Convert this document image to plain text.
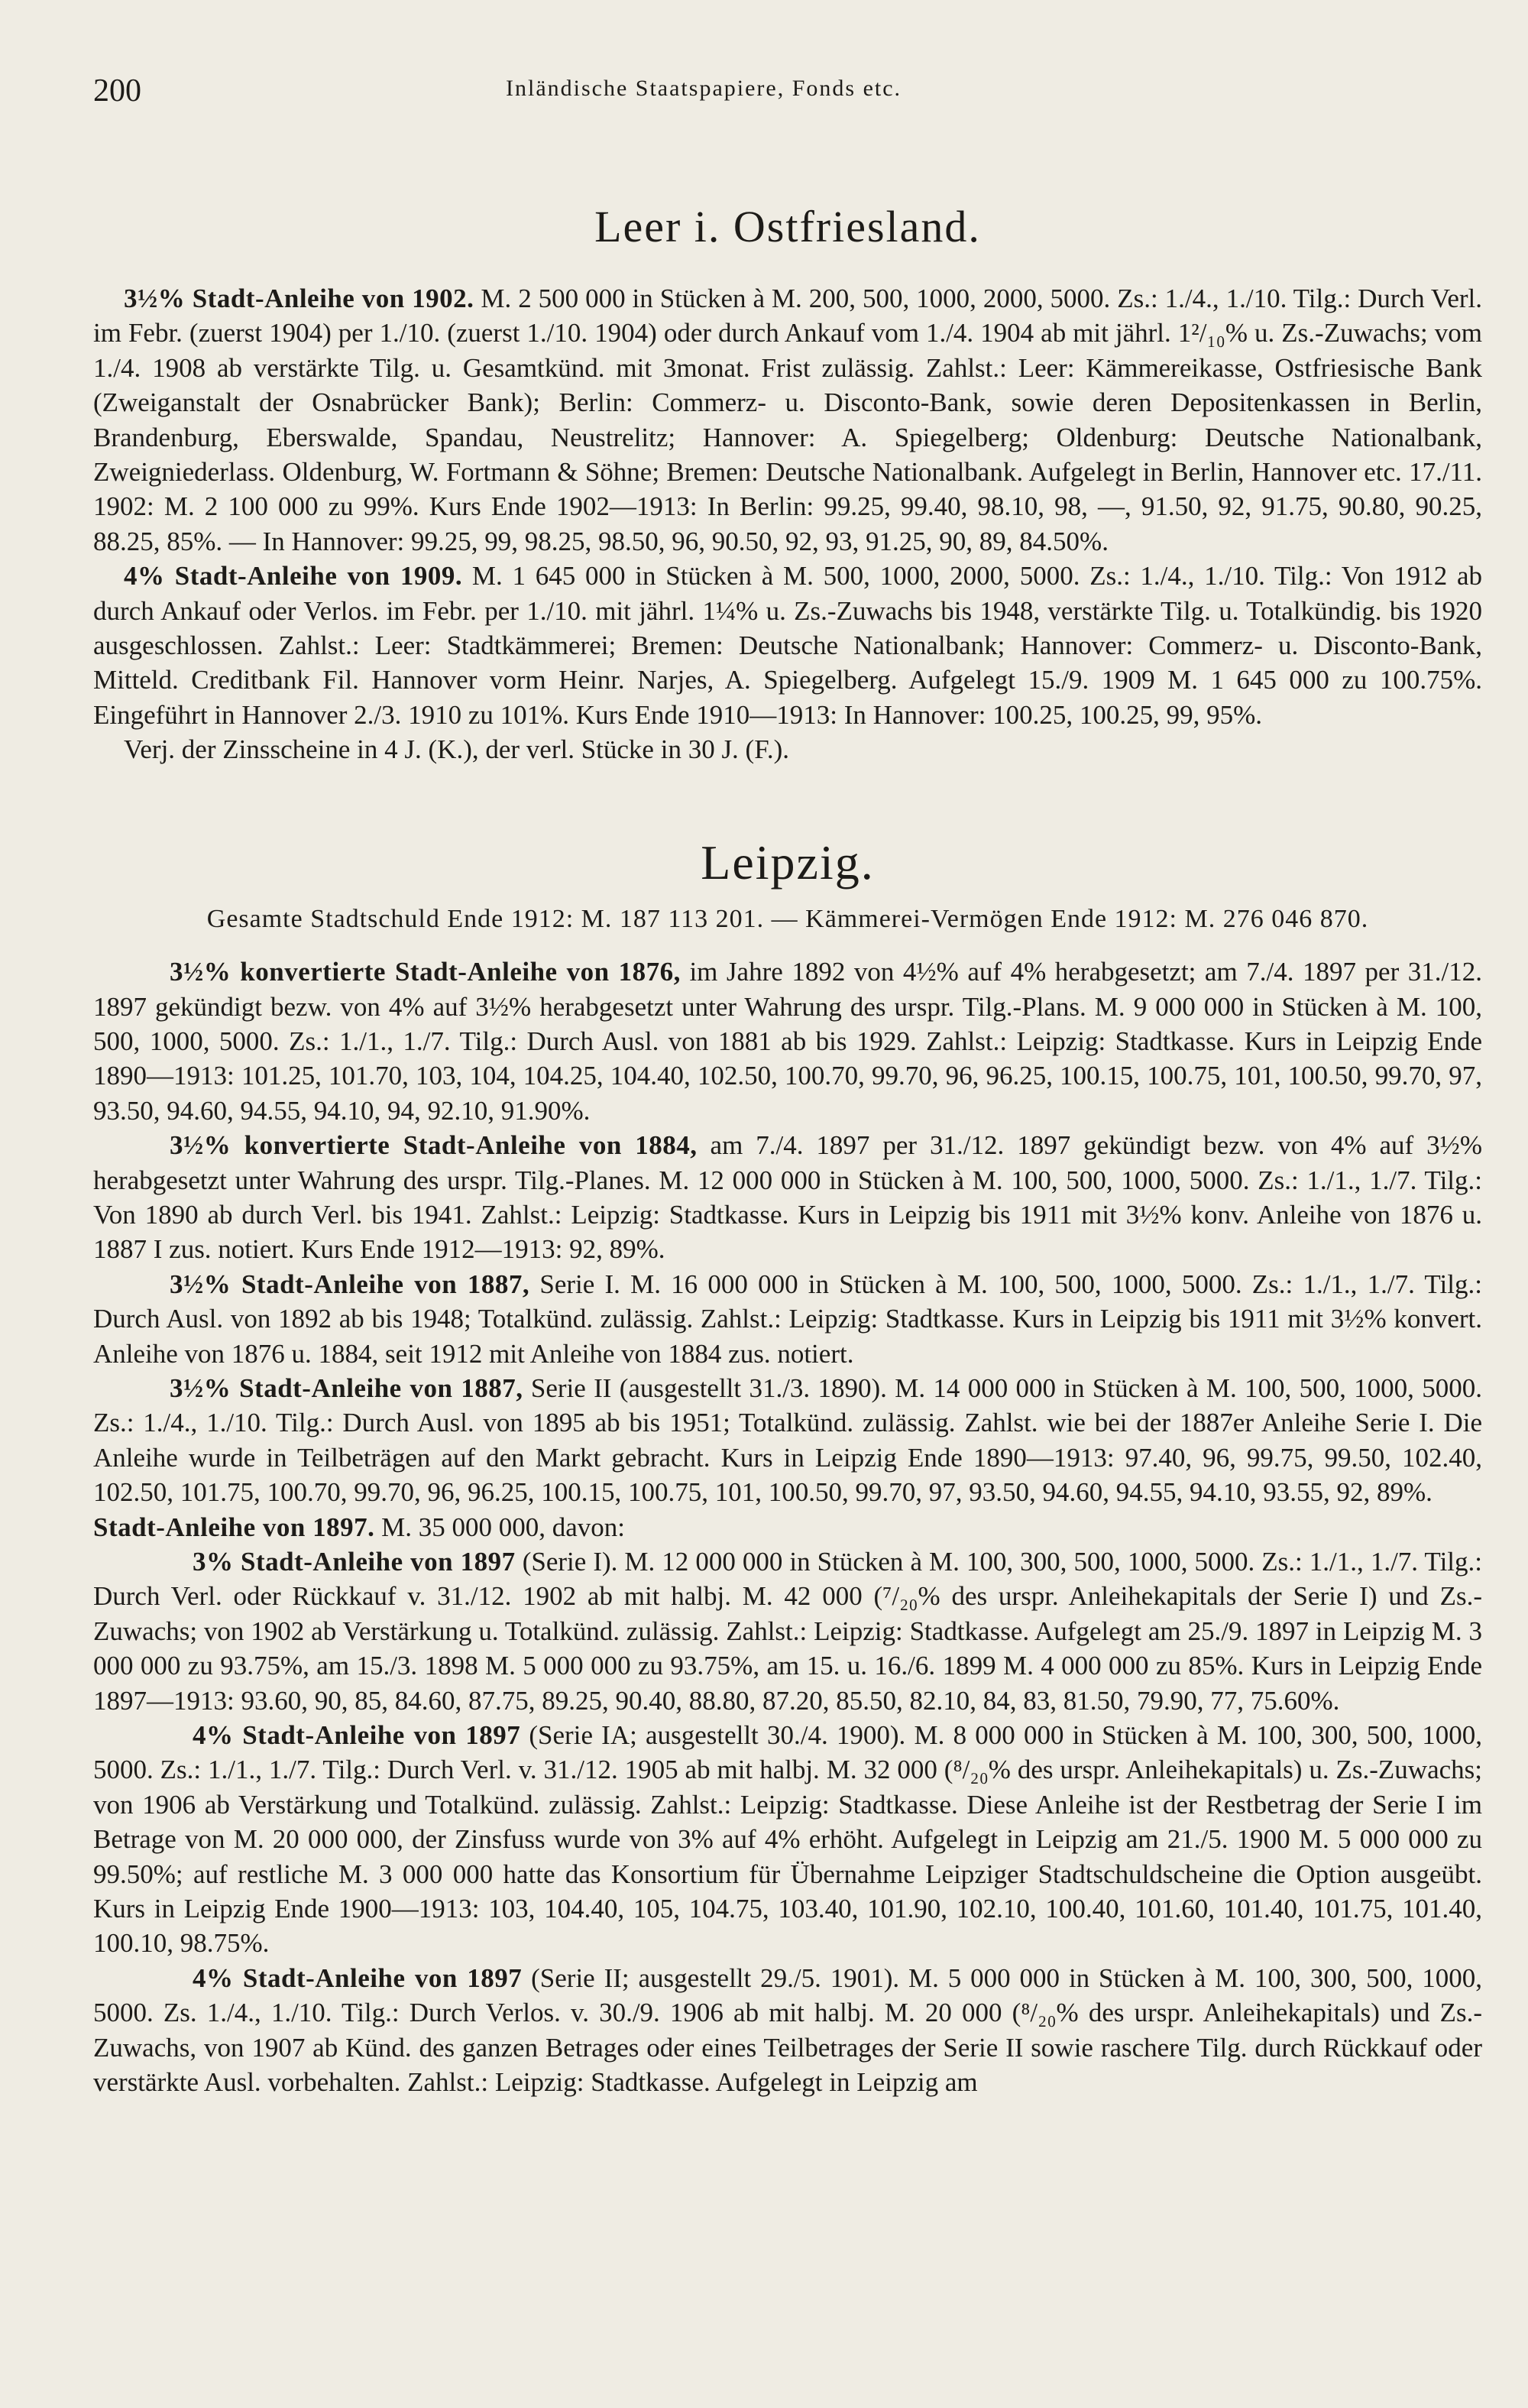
200	Inländische Staatspapiere, Fonds etc.
Leer i. Ostfriesland.

3½% Stadt-Anleihe von 1902. M. 2 500 000 in Stücken à M. 200, 500, 1000, 2000, 5000. Zs.: 1./4., 1./10. Tilg.: Durch Verl. im Febr. (zuerst 1904) per 1./10. (zuerst 1./10. 1904) oder durch Ankauf vom 1./4. 1904 ab mit jährl. 1²/₁₀% u. Zs.-Zuwachs; vom 1./4. 1908 ab verstärkte Tilg. u. Gesamtkünd. mit 3monat. Frist zulässig. Zahlst.: Leer: Kämmereikasse, Ostfriesische Bank (Zweiganstalt der Osnabrücker Bank); Berlin: Commerz- u. Disconto-Bank, sowie deren Depositenkassen in Berlin, Brandenburg, Eberswalde, Spandau, Neustrelitz; Hannover: A. Spiegelberg; Oldenburg: Deutsche Nationalbank, Zweigniederlass. Oldenburg, W. Fortmann & Söhne; Bremen: Deutsche Nationalbank. Aufgelegt in Berlin, Hannover etc. 17./11. 1902: M. 2 100 000 zu 99%. Kurs Ende 1902—1913: In Berlin: 99.25, 99.40, 98.10, 98, —, 91.50, 92, 91.75, 90.80, 90.25, 88.25, 85%. — In Hannover: 99.25, 99, 98.25, 98.50, 96, 90.50, 92, 93, 91.25, 90, 89, 84.50%.

4% Stadt-Anleihe von 1909. M. 1 645 000 in Stücken à M. 500, 1000, 2000, 5000. Zs.: 1./4., 1./10. Tilg.: Von 1912 ab durch Ankauf oder Verlos. im Febr. per 1./10. mit jährl. 1¼% u. Zs.-Zuwachs bis 1948, verstärkte Tilg. u. Totalkündig. bis 1920 ausgeschlossen. Zahlst.: Leer: Stadtkämmerei; Bremen: Deutsche Nationalbank; Hannover: Commerz- u. Disconto-Bank, Mitteld. Creditbank Fil. Hannover vorm Heinr. Narjes, A. Spiegelberg. Aufgelegt 15./9. 1909 M. 1 645 000 zu 100.75%. Eingeführt in Hannover 2./3. 1910 zu 101%. Kurs Ende 1910—1913: In Hannover: 100.25, 100.25, 99, 95%.

Verj. der Zinsscheine in 4 J. (K.), der verl. Stücke in 30 J. (F.).

Leipzig.

Gesamte Stadtschuld Ende 1912: M. 187 113 201. — Kämmerei-Vermögen Ende 1912: M. 276 046 870.

3½% konvertierte Stadt-Anleihe von 1876, im Jahre 1892 von 4½% auf 4% herabgesetzt; am 7./4. 1897 per 31./12. 1897 gekündigt bezw. von 4% auf 3½% herabgesetzt unter Wahrung des urspr. Tilg.-Plans. M. 9 000 000 in Stücken à M. 100, 500, 1000, 5000. Zs.: 1./1., 1./7. Tilg.: Durch Ausl. von 1881 ab bis 1929. Zahlst.: Leipzig: Stadtkasse. Kurs in Leipzig Ende 1890—1913: 101.25, 101.70, 103, 104, 104.25, 104.40, 102.50, 100.70, 99.70, 96, 96.25, 100.15, 100.75, 101, 100.50, 99.70, 97, 93.50, 94.60, 94.55, 94.10, 94, 92.10, 91.90%.

3½% konvertierte Stadt-Anleihe von 1884, am 7./4. 1897 per 31./12. 1897 gekündigt bezw. von 4% auf 3½% herabgesetzt unter Wahrung des urspr. Tilg.-Planes. M. 12 000 000 in Stücken à M. 100, 500, 1000, 5000. Zs.: 1./1., 1./7. Tilg.: Von 1890 ab durch Verl. bis 1941. Zahlst.: Leipzig: Stadtkasse. Kurs in Leipzig bis 1911 mit 3½% konv. Anleihe von 1876 u. 1887 I zus. notiert. Kurs Ende 1912—1913: 92, 89%.

3½% Stadt-Anleihe von 1887, Serie I. M. 16 000 000 in Stücken à M. 100, 500, 1000, 5000. Zs.: 1./1., 1./7. Tilg.: Durch Ausl. von 1892 ab bis 1948; Totalkünd. zulässig. Zahlst.: Leipzig: Stadtkasse. Kurs in Leipzig bis 1911 mit 3½% konvert. Anleihe von 1876 u. 1884, seit 1912 mit Anleihe von 1884 zus. notiert.

3½% Stadt-Anleihe von 1887, Serie II (ausgestellt 31./3. 1890). M. 14 000 000 in Stücken à M. 100, 500, 1000, 5000. Zs.: 1./4., 1./10. Tilg.: Durch Ausl. von 1895 ab bis 1951; Totalkünd. zulässig. Zahlst. wie bei der 1887er Anleihe Serie I. Die Anleihe wurde in Teilbeträgen auf den Markt gebracht. Kurs in Leipzig Ende 1890—1913: 97.40, 96, 99.75, 99.50, 102.40, 102.50, 101.75, 100.70, 99.70, 96, 96.25, 100.15, 100.75, 101, 100.50, 99.70, 97, 93.50, 94.60, 94.55, 94.10, 93.55, 92, 89%.

Stadt-Anleihe von 1897. M. 35 000 000, davon:

3% Stadt-Anleihe von 1897 (Serie I). M. 12 000 000 in Stücken à M. 100, 300, 500, 1000, 5000. Zs.: 1./1., 1./7. Tilg.: Durch Verl. oder Rückkauf v. 31./12. 1902 ab mit halbj. M. 42 000 (⁷/₂₀% des urspr. Anleihekapitals der Serie I) und Zs.-Zuwachs; von 1902 ab Verstärkung u. Totalkünd. zulässig. Zahlst.: Leipzig: Stadtkasse. Aufgelegt am 25./9. 1897 in Leipzig M. 3 000 000 zu 93.75%, am 15./3. 1898 M. 5 000 000 zu 93.75%, am 15. u. 16./6. 1899 M. 4 000 000 zu 85%. Kurs in Leipzig Ende 1897—1913: 93.60, 90, 85, 84.60, 87.75, 89.25, 90.40, 88.80, 87.20, 85.50, 82.10, 84, 83, 81.50, 79.90, 77, 75.60%.

4% Stadt-Anleihe von 1897 (Serie IA; ausgestellt 30./4. 1900). M. 8 000 000 in Stücken à M. 100, 300, 500, 1000, 5000. Zs.: 1./1., 1./7. Tilg.: Durch Verl. v. 31./12. 1905 ab mit halbj. M. 32 000 (⁸/₂₀% des urspr. Anleihekapitals) u. Zs.-Zuwachs; von 1906 ab Verstärkung und Totalkünd. zulässig. Zahlst.: Leipzig: Stadtkasse. Diese Anleihe ist der Restbetrag der Serie I im Betrage von M. 20 000 000, der Zinsfuss wurde von 3% auf 4% erhöht. Aufgelegt in Leipzig am 21./5. 1900 M. 5 000 000 zu 99.50%; auf restliche M. 3 000 000 hatte das Konsortium für Übernahme Leipziger Stadtschuldscheine die Option ausgeübt. Kurs in Leipzig Ende 1900—1913: 103, 104.40, 105, 104.75, 103.40, 101.90, 102.10, 100.40, 101.60, 101.40, 101.75, 101.40, 100.10, 98.75%.

4% Stadt-Anleihe von 1897 (Serie II; ausgestellt 29./5. 1901). M. 5 000 000 in Stücken à M. 100, 300, 500, 1000, 5000. Zs. 1./4., 1./10. Tilg.: Durch Verlos. v. 30./9. 1906 ab mit halbj. M. 20 000 (⁸/₂₀% des urspr. Anleihekapitals) und Zs.-Zuwachs, von 1907 ab Künd. des ganzen Betrages oder eines Teilbetrages der Serie II sowie raschere Tilg. durch Rückkauf oder verstärkte Ausl. vorbehalten. Zahlst.: Leipzig: Stadtkasse. Aufgelegt in Leipzig am
